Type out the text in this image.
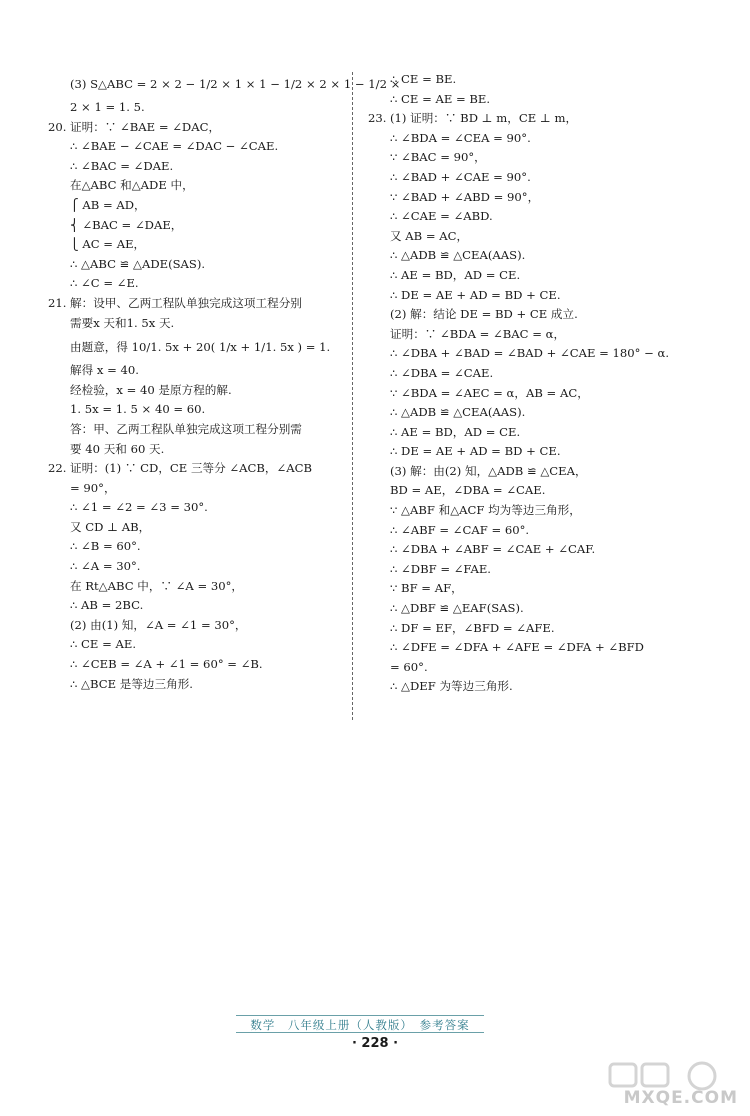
(3) S△ABC = 2 × 2 − 1/2 × 1 × 1 − 1/2 × 2 × 1 − 1/2 ×
2 × 1 = 1. 5.
20. 证明：∵ ∠BAE = ∠DAC，
∴ ∠BAE − ∠CAE = ∠DAC − ∠CAE.
∴ ∠BAC = ∠DAE.
在△ABC 和△ADE 中，
⎧ AB = AD，
⎨ ∠BAC = ∠DAE，
⎩ AC = AE，
∴ △ABC ≌ △ADE(SAS).
∴ ∠C = ∠E.
21. 解：设甲、乙两工程队单独完成这项工程分别
需要x 天和1. 5x 天.
由题意，得 10/1. 5x + 20( 1/x + 1/1. 5x ) = 1.
解得 x = 40.
经检验，x = 40 是原方程的解.
1. 5x = 1. 5 × 40 = 60.
答：甲、乙两工程队单独完成这项工程分别需
要 40 天和 60 天.
22. 证明：(1) ∵ CD，CE 三等分 ∠ACB，∠ACB
= 90°，
∴ ∠1 = ∠2 = ∠3 = 30°.
又 CD ⊥ AB，
∴ ∠B = 60°.
∴ ∠A = 30°.
在 Rt△ABC 中，∵ ∠A = 30°，
∴ AB = 2BC.
(2) 由(1) 知，∠A = ∠1 = 30°，
∴ CE = AE.
∴ ∠CEB = ∠A + ∠1 = 60° = ∠B.
∴ △BCE 是等边三角形.
∴ CE = BE.
∴ CE = AE = BE.
23. (1) 证明：∵ BD ⊥ m，CE ⊥ m，
∴ ∠BDA = ∠CEA = 90°.
∵ ∠BAC = 90°，
∴ ∠BAD + ∠CAE = 90°.
∵ ∠BAD + ∠ABD = 90°，
∴ ∠CAE = ∠ABD.
又 AB = AC，
∴ △ADB ≌ △CEA(AAS).
∴ AE = BD，AD = CE.
∴ DE = AE + AD = BD + CE.
(2) 解：结论 DE = BD + CE 成立.
证明：∵ ∠BDA = ∠BAC = α，
∴ ∠DBA + ∠BAD = ∠BAD + ∠CAE = 180° − α.
∴ ∠DBA = ∠CAE.
∵ ∠BDA = ∠AEC = α，AB = AC，
∴ △ADB ≌ △CEA(AAS).
∴ AE = BD，AD = CE.
∴ DE = AE + AD = BD + CE.
(3) 解：由(2) 知，△ADB ≌ △CEA，
BD = AE，∠DBA = ∠CAE.
∵ △ABF 和△ACF 均为等边三角形，
∴ ∠ABF = ∠CAF = 60°.
∴ ∠DBA + ∠ABF = ∠CAE + ∠CAF.
∴ ∠DBF = ∠FAE.
∵ BF = AF，
∴ △DBF ≌ △EAF(SAS).
∴ DF = EF，∠BFD = ∠AFE.
∴ ∠DFE = ∠DFA + ∠AFE = ∠DFA + ∠BFD
= 60°.
∴ △DEF 为等边三角形.
数学　八年级上册（人教版）　参考答案
· 228 ·
MXQE.COM
